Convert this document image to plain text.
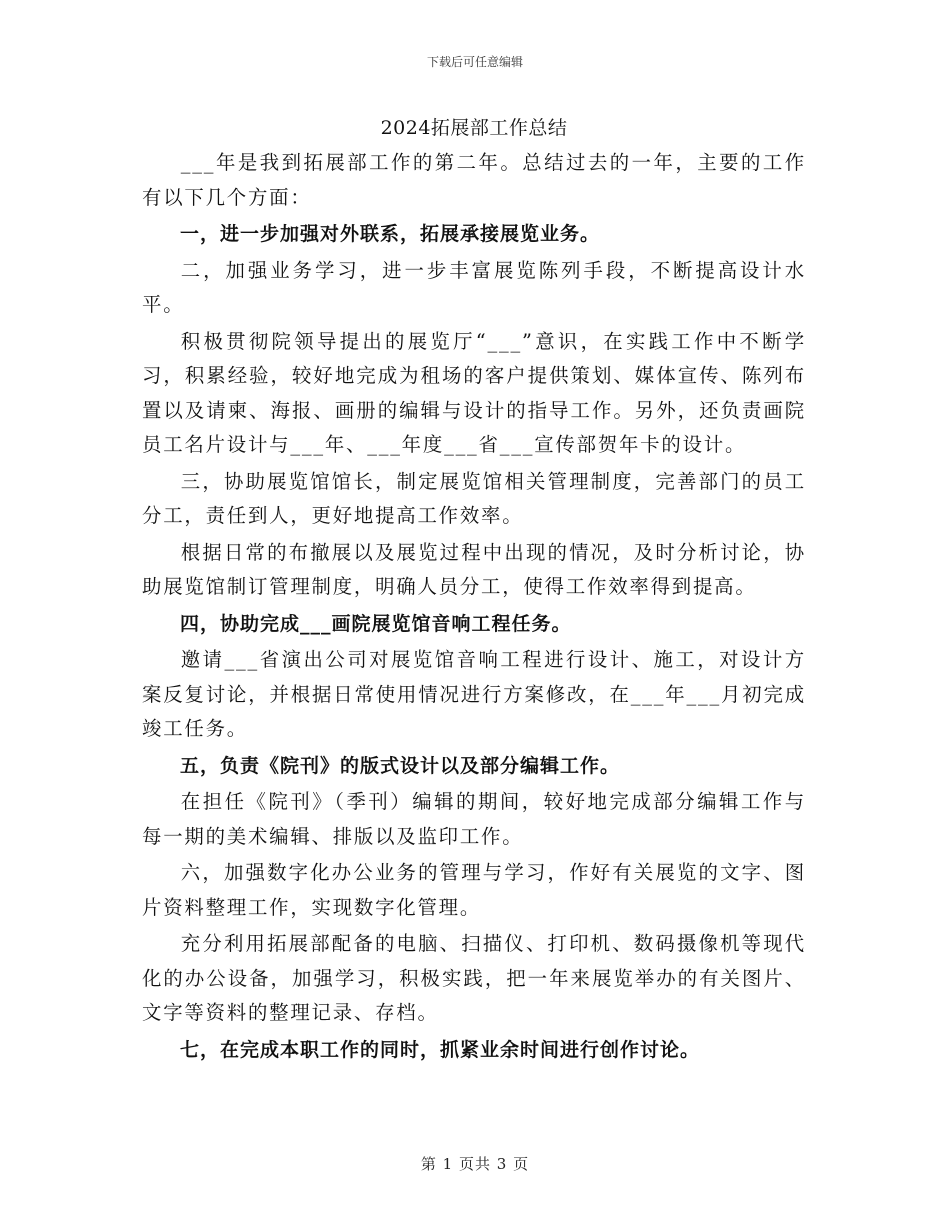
下载后可任意编辑
2024拓展部工作总结
___年是我到拓展部工作的第二年。总结过去的一年，主要的工作有以下几个方面：
一，进一步加强对外联系，拓展承接展览业务。
二，加强业务学习，进一步丰富展览陈列手段，不断提高设计水平。
积极贯彻院领导提出的展览厅“___”意识，在实践工作中不断学习，积累经验，较好地完成为租场的客户提供策划、媒体宣传、陈列布置以及请柬、海报、画册的编辑与设计的指导工作。另外，还负责画院员工名片设计与___年、___年度___省___宣传部贺年卡的设计。
三，协助展览馆馆长，制定展览馆相关管理制度，完善部门的员工分工，责任到人，更好地提高工作效率。
根据日常的布撤展以及展览过程中出现的情况，及时分析讨论，协助展览馆制订管理制度，明确人员分工，使得工作效率得到提高。
四，协助完成___画院展览馆音响工程任务。
邀请___省演出公司对展览馆音响工程进行设计、施工，对设计方案反复讨论，并根据日常使用情况进行方案修改，在___年___月初完成竣工任务。
五，负责《院刊》的版式设计以及部分编辑工作。
在担任《院刊》（季刊）编辑的期间，较好地完成部分编辑工作与每一期的美术编辑、排版以及监印工作。
六，加强数字化办公业务的管理与学习，作好有关展览的文字、图片资料整理工作，实现数字化管理。
充分利用拓展部配备的电脑、扫描仪、打印机、数码摄像机等现代化的办公设备，加强学习，积极实践，把一年来展览举办的有关图片、文字等资料的整理记录、存档。
七，在完成本职工作的同时，抓紧业余时间进行创作讨论。
第 1 页共 3 页
